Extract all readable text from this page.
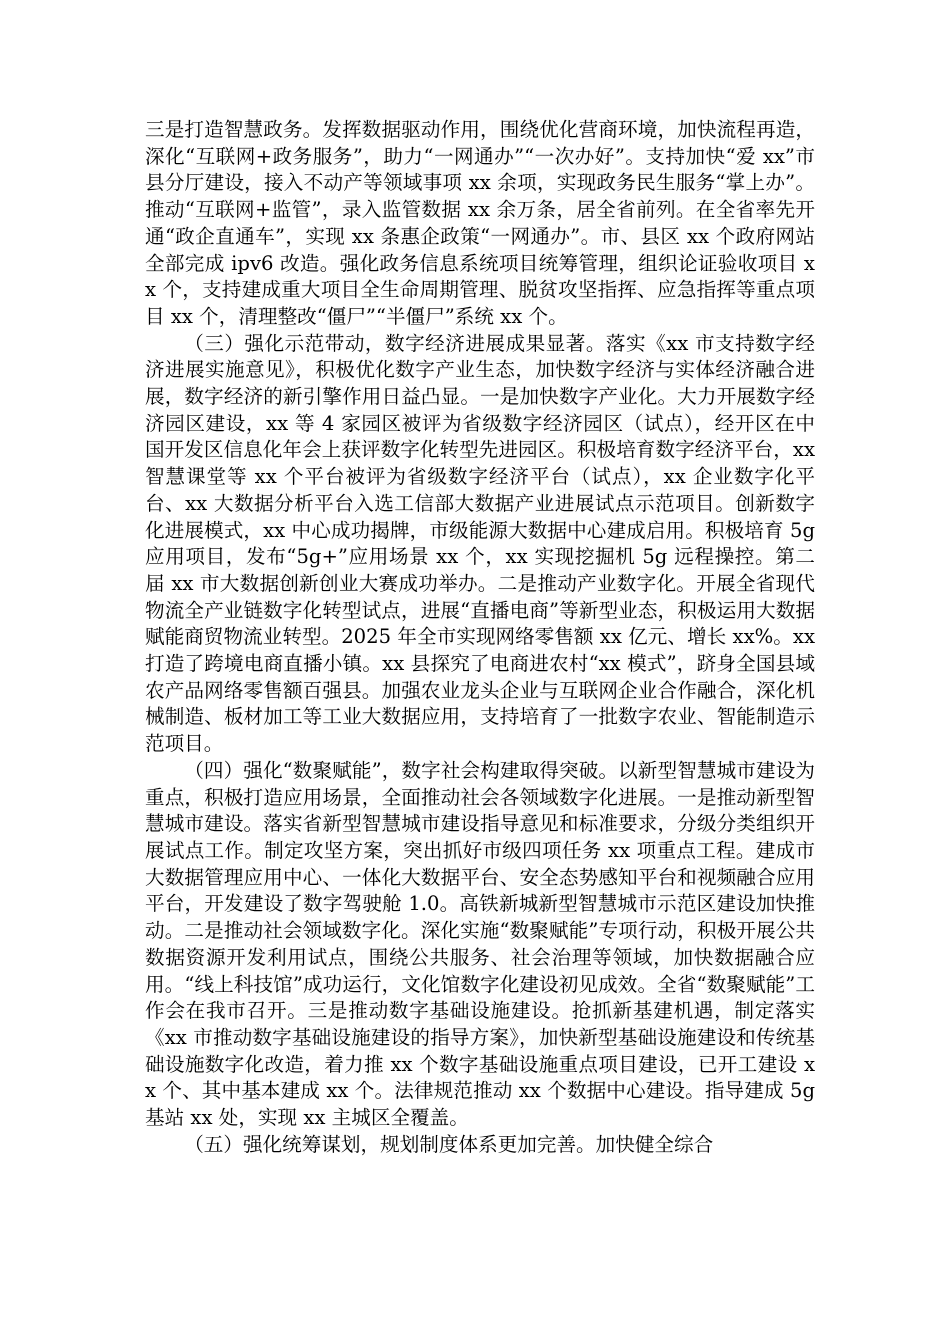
三是打造智慧政务。发挥数据驱动作用，围绕优化营商环境，加快流程再造，深化“互联网+政务服务”，助力“一网通办”“一次办好”。支持加快“爱 xx”市县分厅建设，接入不动产等领域事项 xx 余项，实现政务民生服务“掌上办”。推动“互联网+监管”，录入监管数据 xx 余万条，居全省前列。在全省率先开通“政企直通车”，实现 xx 条惠企政策“一网通办”。市、县区 xx 个政府网站全部完成 ipv6 改造。强化政务信息系统项目统筹管理，组织论证验收项目 xx 个，支持建成重大项目全生命周期管理、脱贫攻坚指挥、应急指挥等重点项目 xx 个，清理整改“僵尸”“半僵尸”系统 xx 个。

（三）强化示范带动，数字经济进展成果显著。落实《xx 市支持数字经济进展实施意见》，积极优化数字产业生态，加快数字经济与实体经济融合进展，数字经济的新引擎作用日益凸显。一是加快数字产业化。大力开展数字经济园区建设，xx 等 4 家园区被评为省级数字经济园区（试点），经开区在中国开发区信息化年会上获评数字化转型先进园区。积极培育数字经济平台，xx 智慧课堂等 xx 个平台被评为省级数字经济平台（试点），xx 企业数字化平台、xx 大数据分析平台入选工信部大数据产业进展试点示范项目。创新数字化进展模式，xx 中心成功揭牌，市级能源大数据中心建成启用。积极培育 5g 应用项目，发布“5g+”应用场景 xx 个，xx 实现挖掘机 5g 远程操控。第二届 xx 市大数据创新创业大赛成功举办。二是推动产业数字化。开展全省现代物流全产业链数字化转型试点，进展“直播电商”等新型业态，积极运用大数据赋能商贸物流业转型。2025 年全市实现网络零售额 xx 亿元、增长 xx%。xx 打造了跨境电商直播小镇。xx 县探究了电商进农村“xx 模式”，跻身全国县域农产品网络零售额百强县。加强农业龙头企业与互联网企业合作融合，深化机械制造、板材加工等工业大数据应用，支持培育了一批数字农业、智能制造示范项目。

（四）强化“数聚赋能”，数字社会构建取得突破。以新型智慧城市建设为重点，积极打造应用场景，全面推动社会各领域数字化进展。一是推动新型智慧城市建设。落实省新型智慧城市建设指导意见和标准要求，分级分类组织开展试点工作。制定攻坚方案，突出抓好市级四项任务 xx 项重点工程。建成市大数据管理应用中心、一体化大数据平台、安全态势感知平台和视频融合应用平台，开发建设了数字驾驶舱 1.0。高铁新城新型智慧城市示范区建设加快推动。二是推动社会领域数字化。深化实施“数聚赋能”专项行动，积极开展公共数据资源开发利用试点，围绕公共服务、社会治理等领域，加快数据融合应用。“线上科技馆”成功运行，文化馆数字化建设初见成效。全省“数聚赋能”工作会在我市召开。三是推动数字基础设施建设。抢抓新基建机遇，制定落实《xx 市推动数字基础设施建设的指导方案》，加快新型基础设施建设和传统基础设施数字化改造，着力推 xx 个数字基础设施重点项目建设，已开工建设 xx 个、其中基本建成 xx 个。法律规范推动 xx 个数据中心建设。指导建成 5g 基站 xx 处，实现 xx 主城区全覆盖。

（五）强化统筹谋划，规划制度体系更加完善。加快健全综合
